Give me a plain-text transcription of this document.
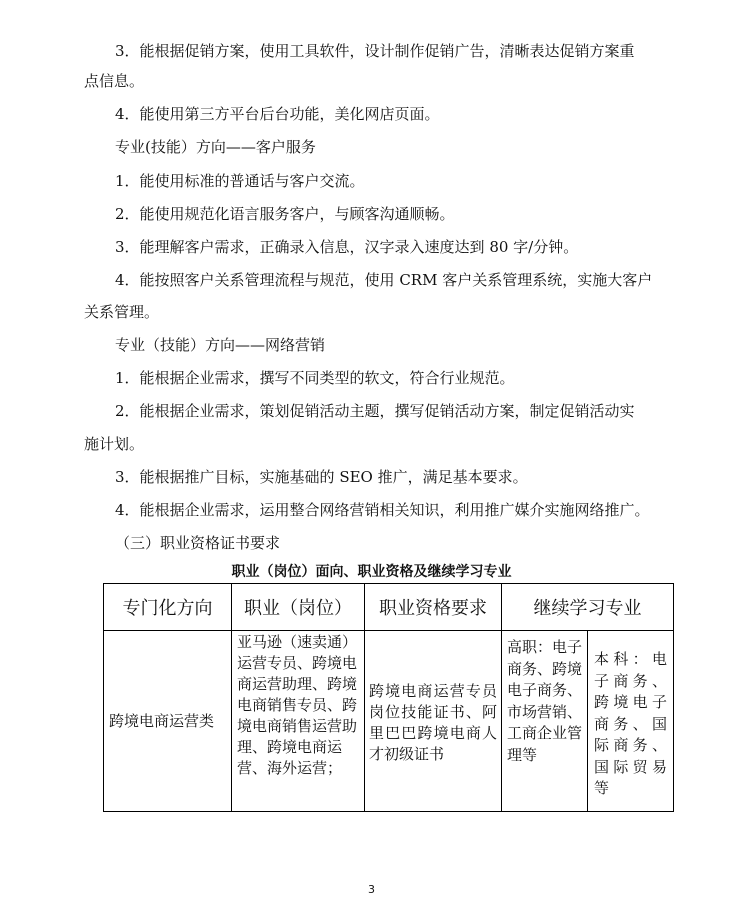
3．能根据促销方案，使用工具软件，设计制作促销广告，清晰表达促销方案重
点信息。
4．能使用第三方平台后台功能，美化网店页面。
专业(技能）方向——客户服务
1．能使用标准的普通话与客户交流。
2．能使用规范化语言服务客户，与顾客沟通顺畅。
3．能理解客户需求，正确录入信息，汉字录入速度达到 80 字/分钟。
4．能按照客户关系管理流程与规范，使用 CRM 客户关系管理系统，实施大客户
关系管理。
专业（技能）方向——网络营销
1．能根据企业需求，撰写不同类型的软文，符合行业规范。
2．能根据企业需求，策划促销活动主题，撰写促销活动方案，制定促销活动实
施计划。
3．能根据推广目标，实施基础的 SEO 推广，满足基本要求。
4．能根据企业需求，运用整合网络营销相关知识，利用推广媒介实施网络推广。
（三）职业资格证书要求
职业（岗位）面向、职业资格及继续学习专业
专门化方向	职业（岗位）	职业资格要求	继续学习专业	

跨境电商运营类	亚马逊（速卖通）运营专员、跨境电商运营助理、跨境电商销售专员、跨境电商销售运营助理、跨境电商运营、海外运营；	跨境电商运营专员岗位技能证书、阿里巴巴跨境电商人才初级证书	高职：电子商务、跨境电子商务、市场营销、工商企业管理等	本科：电子商务、跨境电子商务、国际商务、国际贸易等
3
